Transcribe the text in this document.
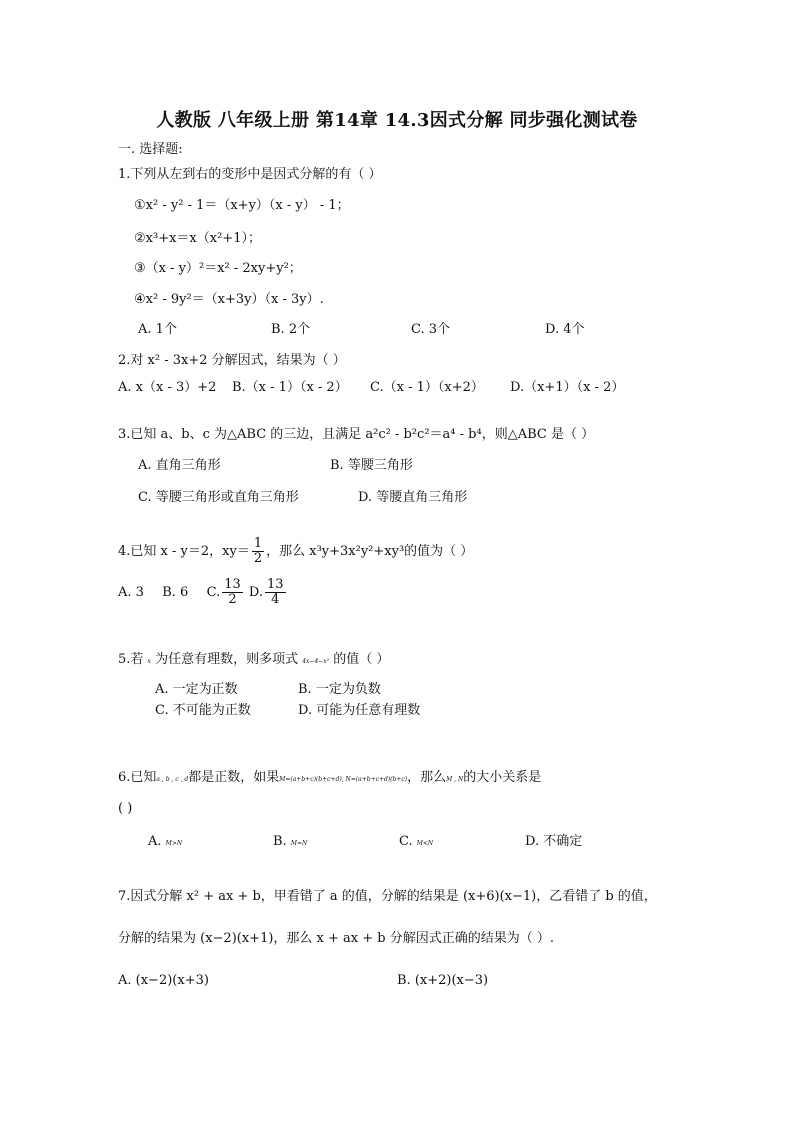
人教版 八年级上册 第14章 14.3因式分解 同步强化测试卷
一. 选择题:
1.下列从左到右的变形中是因式分解的有（ ）
①x² - y² - 1＝（x+y）（x - y） - 1；
②x³+x＝x（x²+1）；
③（x - y）²＝x² - 2xy+y²；
④x² - 9y²＝（x+3y）（x - 3y）.
A. 1个	B. 2个	C. 3个	D. 4个
2.对 x² - 3x+2 分解因式，结果为（ ）
A. x（x - 3）+2 B.（x - 1）（x - 2） C.（x - 1）（x+2） D.（x+1）（x - 2）
3.已知 a、b、c 为△ABC 的三边，且满足 a²c² - b²c²＝a⁴ - b⁴，则△ABC 是（ ）
A. 直角三角形	B. 等腰三角形
C. 等腰三角形或直角三角形	D. 等腰直角三角形
4.已知 x - y＝2，$xy= \frac{1}{2}$ ，那么 x³y+3x²y²+xy³的值为（ ）
A. 3 B. 6 C. $\frac{13}{2} D$. $\frac{13}{4}$
5.若 x 为任意有理数，则多项式 4x−4−x² 的值（ ）
A. 一定为正数	B. 一定为负数
C. 不可能为正数	D. 可能为任意有理数
6.已知a , b , c , d都是正数，如果M=(a+b+c)(b+c+d), N=(a+b+c+d)(b+c)，那么M , N的大小关系是
( )
A. M>N	B. M=N	C. M<N	D. 不确定
7.因式分解 x² + ax + b，甲看错了 a 的值，分解的结果是 (x+6)(x−1)，乙看错了 b 的值，
分解的结果为 (x−2)(x+1)，那么 x + ax + b 分解因式正确的结果为（ ）.
A. (x−2)(x+3)	B. (x+2)(x−3)
